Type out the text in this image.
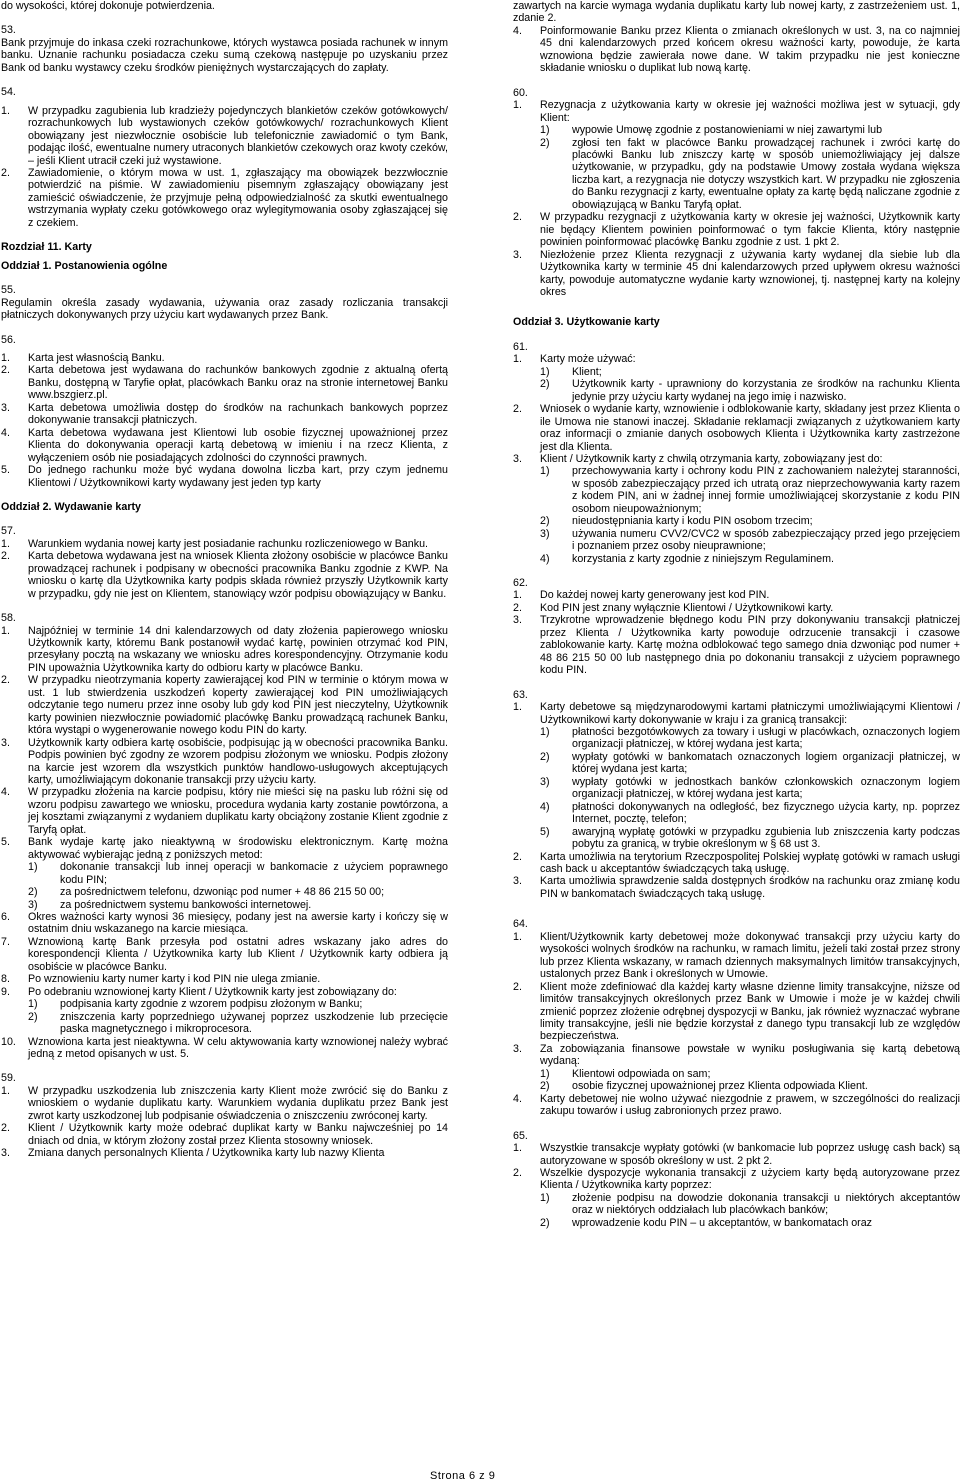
do wysokości, której dokonuje potwierdzenia.

53.

Bank przyjmuje do inkasa czeki rozrachunkowe, których wystawca posiada rachunek w innym banku. Uznanie rachunku posiadacza czeku sumą czekową następuje po uzyskaniu przez Bank od banku wystawcy czeku środków pieniężnych wystarczających do zapłaty.

54.

1. W przypadku zagubienia lub kradzieży pojedynczych blankietów czeków gotówkowych/ rozrachunkowych lub wystawionych czeków gotówkowych/ rozrachunkowych Klient obowiązany jest niezwłocznie osobiście lub telefonicznie zawiadomić o tym Bank, podając ilość, ewentualne numery utraconych blankietów czekowych oraz kwoty czeków, – jeśli Klient utracił czeki już wystawione.
2. Zawiadomienie, o którym mowa w ust. 1, zgłaszający ma obowiązek bezzwłocznie potwierdzić na piśmie. W zawiadomieniu pisemnym zgłaszający obowiązany jest zamieścić oświadczenie, że przyjmuje pełną odpowiedzialność za skutki ewentualnego wstrzymania wypłaty czeku gotówkowego oraz wylegitymowania osoby zgłaszającej się z czekiem.

Rozdział 11. Karty

Oddział 1. Postanowienia ogólne

55.

Regulamin określa zasady wydawania, używania oraz zasady rozliczania transakcji płatniczych dokonywanych przy użyciu kart wydawanych przez Bank.

56.

1. Karta jest własnością Banku.
2. Karta debetowa jest wydawana do rachunków bankowych zgodnie z aktualną ofertą Banku, dostępną w Taryfie opłat, placówkach Banku oraz na stronie internetowej Banku www.bszgierz.pl.
3. Karta debetowa umożliwia dostęp do środków na rachunkach bankowych poprzez dokonywanie transakcji płatniczych.
4. Karta debetowa wydawana jest Klientowi lub osobie fizycznej upoważnionej przez Klienta do dokonywania operacji kartą debetową w imieniu i na rzecz Klienta, z wyłączeniem osób nie posiadających zdolności do czynności prawnych.
5. Do jednego rachunku może być wydana dowolna liczba kart, przy czym jednemu Klientowi / Użytkownikowi karty wydawany jest jeden typ karty

Oddział 2. Wydawanie karty

57.

1. Warunkiem wydania nowej karty jest posiadanie rachunku rozliczeniowego w Banku.
2. Karta debetowa wydawana jest na wniosek Klienta złożony osobiście w placówce Banku prowadzącej rachunek i podpisany w obecności pracownika Banku zgodnie z KWP. Na wniosku o kartę dla Użytkownika karty podpis składa również przyszły Użytkownik karty w przypadku, gdy nie jest on Klientem, stanowiący wzór podpisu obowiązujący w Banku.

58.

1. Najpóźniej w terminie 14 dni kalendarzowych od daty złożenia papierowego wniosku Użytkownik karty, któremu Bank postanowił wydać kartę, powinien otrzymać kod PIN, przesyłany pocztą na wskazany we wniosku adres korespondencyjny. Otrzymanie kodu PIN upoważnia Użytkownika karty do odbioru karty w placówce Banku.
2. W przypadku nieotrzymania koperty zawierającej kod PIN w terminie o którym mowa w ust. 1 lub stwierdzenia uszkodzeń koperty zawierającej kod PIN umożliwiających odczytanie tego numeru przez inne osoby lub gdy kod PIN jest nieczytelny, Użytkownik karty powinien niezwłocznie powiadomić placówkę Banku prowadzącą rachunek Banku, która wystąpi o wygenerowanie nowego kodu PIN do karty.
3. Użytkownik karty odbiera kartę osobiście, podpisując ją w obecności pracownika Banku. Podpis powinien być zgodny ze wzorem podpisu złożonym we wniosku. Podpis złożony na karcie jest wzorem dla wszystkich punktów handlowo-usługowych akceptujących karty, umożliwiającym dokonanie transakcji przy użyciu karty.
4. W przypadku złożenia na karcie podpisu, który nie mieści się na pasku lub różni się od wzoru podpisu zawartego we wniosku, procedura wydania karty zostanie powtórzona, a jej kosztami związanymi z wydaniem duplikatu karty obciążony zostanie Klient zgodnie z Taryfą opłat.
5. Bank wydaje kartę jako nieaktywną w środowisku elektronicznym. Kartę można aktywować wybierając jedną z poniższych metod:
1) dokonanie transakcji lub innej operacji w bankomacie z użyciem poprawnego kodu PIN;
2) za pośrednictwem telefonu, dzwoniąc pod numer + 48 86 215 50 00;
3) za pośrednictwem systemu bankowości internetowej.
6. Okres ważności karty wynosi 36 miesięcy, podany jest na awersie karty i kończy się w ostatnim dniu wskazanego na karcie miesiąca.
7. Wznowioną kartę Bank przesyła pod ostatni adres wskazany jako adres do korespondencji Klienta / Użytkownika karty lub Klient / Użytkownik karty odbiera ją osobiście w placówce Banku.
8. Po wznowieniu karty numer karty i kod PIN nie ulega zmianie.
9. Po odebraniu wznowionej karty Klient / Użytkownik karty jest zobowiązany do:
1) podpisania karty zgodnie z wzorem podpisu złożonym w Banku;
2) zniszczenia karty poprzedniego używanej poprzez uszkodzenie lub przecięcie paska magnetycznego i mikroprocesora.
10. Wznowiona karta jest nieaktywna. W celu aktywowania karty wznowionej należy wybrać jedną z metod opisanych w ust. 5.

59.

1. W przypadku uszkodzenia lub zniszczenia karty Klient może zwrócić się do Banku z wnioskiem o wydanie duplikatu karty. Warunkiem wydania duplikatu przez Bank jest zwrot karty uszkodzonej lub podpisanie oświadczenia o zniszczeniu zwróconej karty.
2. Klient / Użytkownik karty może odebrać duplikat karty w Banku najwcześniej po 14 dniach od dnia, w którym złożony został przez Klienta stosowny wniosek.
3. Zmiana danych personalnych Klienta / Użytkownika karty lub nazwy Klienta

zawartych na karcie wymaga wydania duplikatu karty lub nowej karty, z zastrzeżeniem ust. 1, zdanie 2.

4. Poinformowanie Banku przez Klienta o zmianach określonych w ust. 3, na co najmniej 45 dni kalendarzowych przed końcem okresu ważności karty, powoduje, że karta wznowiona będzie zawierała nowe dane. W takim przypadku nie jest konieczne składanie wniosku o duplikat lub nową kartę.

60.

1. Rezygnacja z użytkowania karty w okresie jej ważności możliwa jest w sytuacji, gdy Klient:
1) wypowie Umowę zgodnie z postanowieniami w niej zawartymi lub
2) zgłosi ten fakt w placówce Banku prowadzącej rachunek i zwróci kartę do placówki Banku lub zniszczy kartę w sposób uniemożliwiający jej dalsze użytkowanie, w przypadku, gdy na podstawie Umowy została wydana większa liczba kart, a rezygnacja nie dotyczy wszystkich kart. W przypadku nie zgłoszenia do Banku rezygnacji z karty, ewentualne opłaty za kartę będą naliczane zgodnie z obowiązującą w Banku Taryfą opłat.
2. W przypadku rezygnacji z użytkowania karty w okresie jej ważności, Użytkownik karty nie będący Klientem powinien poinformować o tym fakcie Klienta, który następnie powinien poinformować placówkę Banku zgodnie z ust. 1 pkt 2.
3. Niezłożenie przez Klienta rezygnacji z używania karty wydanej dla siebie lub dla Użytkownika karty w terminie 45 dni kalendarzowych przed upływem okresu ważności karty, powoduje automatyczne wydanie karty wznowionej, tj. następnej karty na kolejny okres

Oddział 3. Użytkowanie karty

61.

1. Karty może używać:
1) Klient;
2) Użytkownik karty - uprawniony do korzystania ze środków na rachunku Klienta jedynie przy użyciu karty wydanej na jego imię i nazwisko.
2. Wniosek o wydanie karty, wznowienie i odblokowanie karty, składany jest przez Klienta o ile Umowa nie stanowi inaczej. Składanie reklamacji związanych z użytkowaniem karty oraz informacji o zmianie danych osobowych Klienta i Użytkownika karty zastrzeżone jest dla Klienta.
3. Klient / Użytkownik karty z chwilą otrzymania karty, zobowiązany jest do:
1) przechowywania karty i ochrony kodu PIN z zachowaniem należytej staranności, w sposób zabezpieczający przed ich utratą oraz nieprzechowywania karty razem z kodem PIN, ani w żadnej innej formie umożliwiającej skorzystanie z kodu PIN osobom nieupoważnionym;
2) nieudostępniania karty i kodu PIN osobom trzecim;
3) używania numeru CVV2/CVC2 w sposób zabezpieczający przed jego przejęciem i poznaniem przez osoby nieuprawnione;
4) korzystania z karty zgodnie z niniejszym Regulaminem.

62.

1. Do każdej nowej karty generowany jest kod PIN.
2. Kod PIN jest znany wyłącznie Klientowi / Użytkownikowi karty.
3. Trzykrotne wprowadzenie błędnego kodu PIN przy dokonywaniu transakcji płatniczej przez Klienta / Użytkownika karty powoduje odrzucenie transakcji i czasowe zablokowanie karty. Kartę można odblokować tego samego dnia dzwoniąc pod numer + 48 86 215 50 00 lub następnego dnia po dokonaniu transakcji z użyciem poprawnego kodu PIN.

63.

1. Karty debetowe są międzynarodowymi kartami płatniczymi umożliwiającymi Klientowi / Użytkownikowi karty dokonywanie w kraju i za granicą transakcji:
1) płatności bezgotówkowych za towary i usługi w placówkach, oznaczonych logiem organizacji płatniczej, w której wydana jest karta;
2) wypłaty gotówki w bankomatach oznaczonych logiem organizacji płatniczej, w której wydana jest karta;
3) wypłaty gotówki w jednostkach banków członkowskich oznaczonym logiem organizacji płatniczej, w której wydana jest karta;
4) płatności dokonywanych na odległość, bez fizycznego użycia karty, np. poprzez Internet, pocztę, telefon;
5) awaryjną wypłatę gotówki w przypadku zgubienia lub zniszczenia karty podczas pobytu za granicą, w trybie określonym w § 68 ust 3.
2. Karta umożliwia na terytorium Rzeczpospolitej Polskiej wypłatę gotówki w ramach usługi cash back u akceptantów świadczących taką usługę.
3. Karta umożliwia sprawdzenie salda dostępnych środków na rachunku oraz zmianę kodu PIN w bankomatach świadczących taką usługę.

64.

1. Klient/Użytkownik karty debetowej może dokonywać transakcji przy użyciu karty do wysokości wolnych środków na rachunku, w ramach limitu, jeżeli taki został przez strony lub przez Klienta wskazany, w ramach dziennych maksymalnych limitów transakcyjnych, ustalonych przez Bank i określonych w Umowie.
2. Klient może zdefiniować dla każdej karty własne dzienne limity transakcyjne, niższe od limitów transakcyjnych określonych przez Bank w Umowie i może je w każdej chwili zmienić poprzez złożenie odrębnej dyspozycji w Banku, jak również wyznaczać wybrane limity transakcyjne, jeśli nie będzie korzystał z danego typu transakcji lub ze względów bezpieczeństwa.
3. Za zobowiązania finansowe powstałe w wyniku posługiwania się kartą debetową wydaną:
1) Klientowi odpowiada on sam;
2) osobie fizycznej upoważnionej przez Klienta odpowiada Klient.
4. Karty debetowej nie wolno używać niezgodnie z prawem, w szczególności do realizacji zakupu towarów i usług zabronionych przez prawo.

65.

1. Wszystkie transakcje wypłaty gotówki (w bankomacie lub poprzez usługę cash back) są autoryzowane w sposób określony w ust. 2 pkt 2.
2. Wszelkie dyspozycje wykonania transakcji z użyciem karty będą autoryzowane przez Klienta / Użytkownika karty poprzez:
1) złożenie podpisu na dowodzie dokonania transakcji u niektórych akceptantów oraz w niektórych oddziałach lub placówkach banków;
2) wprowadzenie kodu PIN – u akceptantów, w bankomatach oraz
Strona 6 z 9
